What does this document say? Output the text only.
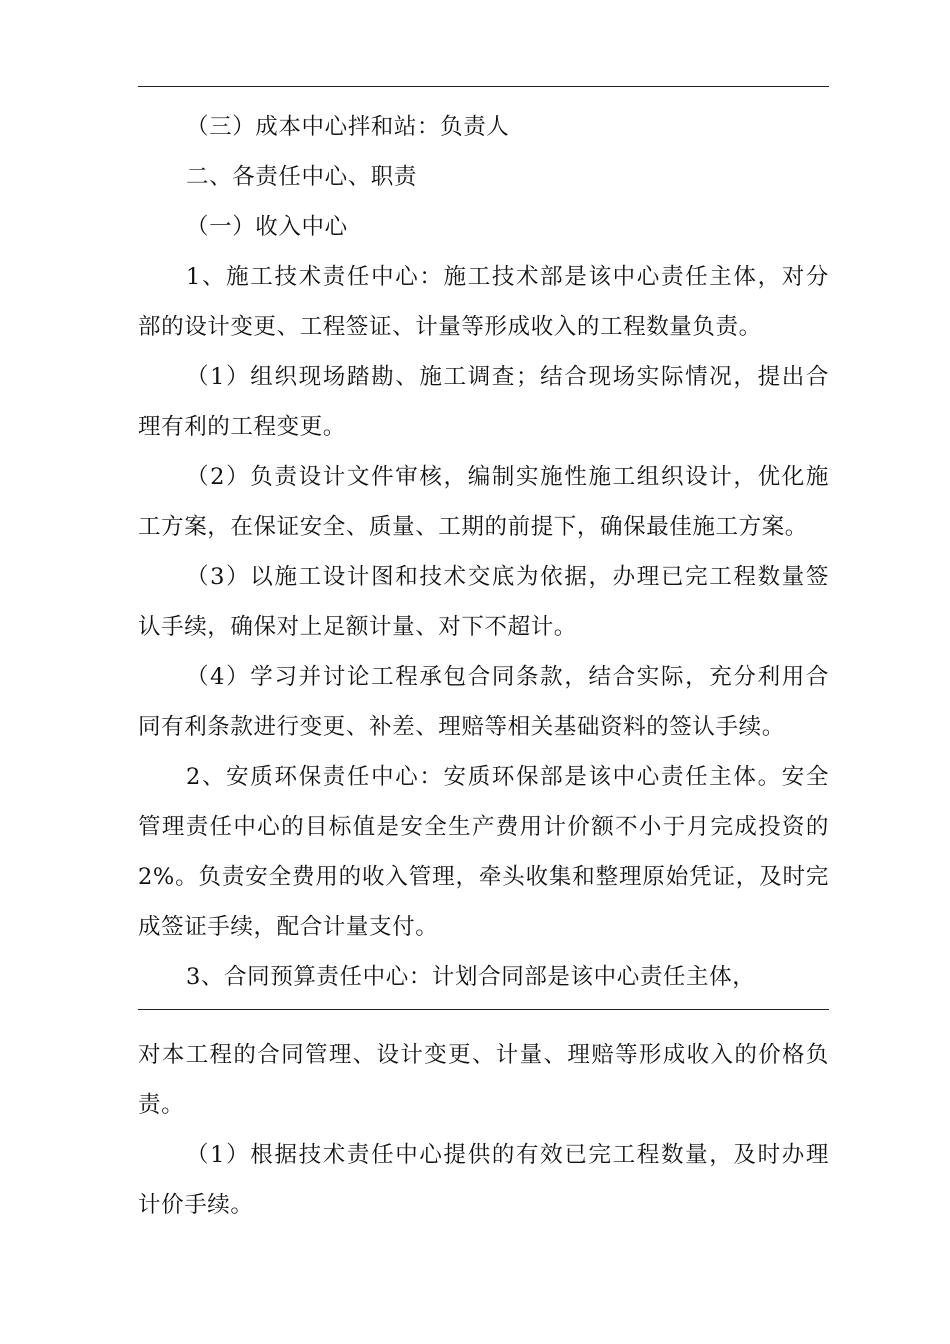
（三）成本中心拌和站：负责人
二、各责任中心、职责
（一）收入中心
1、施工技术责任中心：施工技术部是该中心责任主体，对分
部的设计变更、工程签证、计量等形成收入的工程数量负责。
（1）组织现场踏勘、施工调查；结合现场实际情况，提出合
理有利的工程变更。
（2）负责设计文件审核，编制实施性施工组织设计，优化施
工方案，在保证安全、质量、工期的前提下，确保最佳施工方案。
（3）以施工设计图和技术交底为依据，办理已完工程数量签
认手续，确保对上足额计量、对下不超计。
（4）学习并讨论工程承包合同条款，结合实际，充分利用合
同有利条款进行变更、补差、理赔等相关基础资料的签认手续。
2、安质环保责任中心：安质环保部是该中心责任主体。安全
管理责任中心的目标值是安全生产费用计价额不小于月完成投资的
2%。负责安全费用的收入管理，牵头收集和整理原始凭证，及时完
成签证手续，配合计量支付。
3、合同预算责任中心：计划合同部是该中心责任主体，
对本工程的合同管理、设计变更、计量、理赔等形成收入的价格负
责。
（1）根据技术责任中心提供的有效已完工程数量，及时办理
计价手续。
